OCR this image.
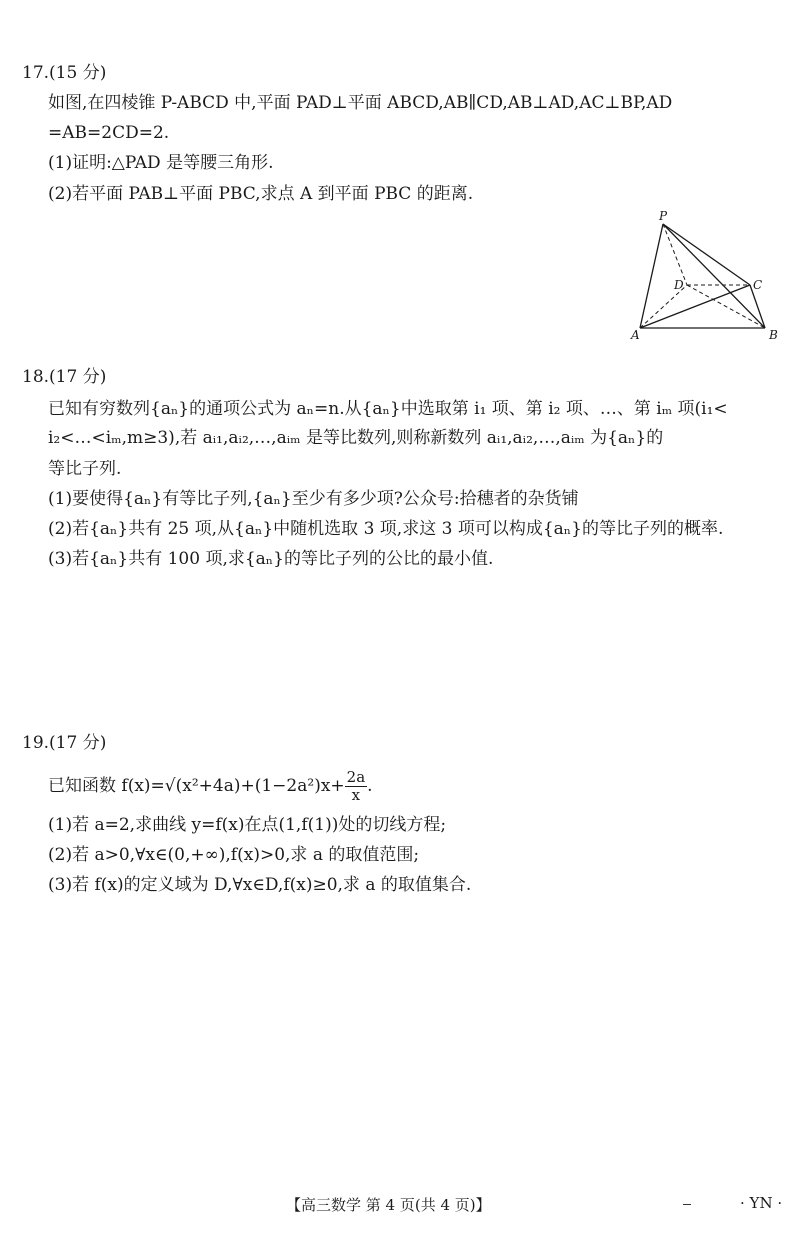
17.(15 分)
如图,在四棱锥 P-ABCD 中,平面 PAD⊥平面 ABCD,AB∥CD,AB⊥AD,AC⊥BP,AD
=AB=2CD=2.
(1)证明:△PAD 是等腰三角形.
(2)若平面 PAB⊥平面 PBC,求点 A 到平面 PBC 的距离.
P
D	C
A	B
18.(17 分)
已知有穷数列{aₙ}的通项公式为 aₙ=n.从{aₙ}中选取第 i₁ 项、第 i₂ 项、…、第 iₘ 项(i₁<
i₂<…<iₘ,m≥3),若 aᵢ₁,aᵢ₂,…,aᵢₘ 是等比数列,则称新数列 aᵢ₁,aᵢ₂,…,aᵢₘ 为{aₙ}的
等比子列.
(1)要使得{aₙ}有等比子列,{aₙ}至少有多少项?公众号:拾穗者的杂货铺
(2)若{aₙ}共有 25 项,从{aₙ}中随机选取 3 项,求这 3 项可以构成{aₙ}的等比子列的概率.
(3)若{aₙ}共有 100 项,求{aₙ}的等比子列的公比的最小值.
19.(17 分)
已知函数 $f(x)=√(x^2+4a)+(1-2a^2)x+ \frac{2a}{x}$ .
(1)若 a=2,求曲线 y=f(x)在点(1,f(1))处的切线方程;
(2)若 a>0,∀x∈(0,+∞),f(x)>0,求 a 的取值范围;
(3)若 f(x)的定义域为 D,∀x∈D,f(x)≥0,求 a 的取值集合.
【高三数学 第 4 页(共 4 页)】	· YN ·
